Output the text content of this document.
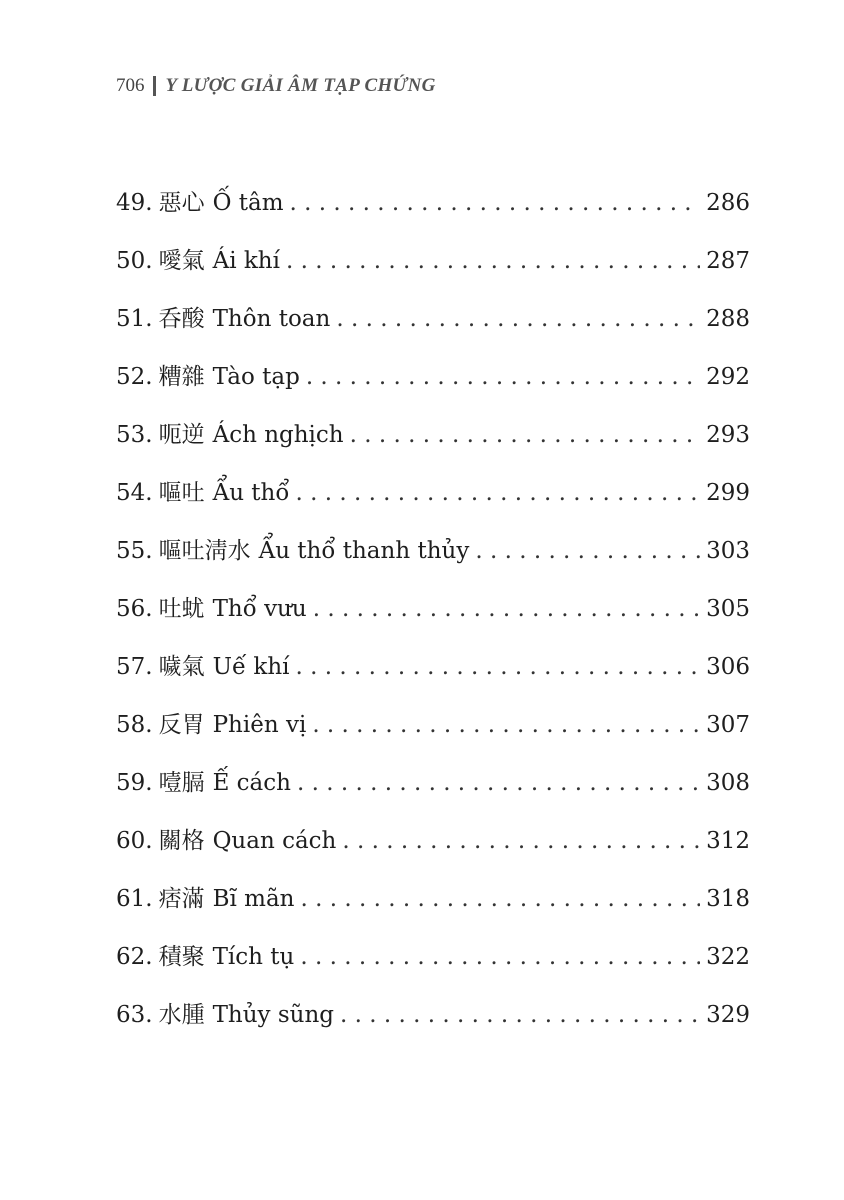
706 Y LƯỢC GIẢI ÂM TẠP CHỨNG
49. 惡心 Ố tâm . . .	286
50. 噯氣 Ái khí . . .	287
51. 呑酸 Thôn toan . . .	288
52. 糟雜 Tào tạp . . .	292
53. 呃逆 Ách nghịch . . .	293
54. 嘔吐 Ẩu thổ . . .	299
55. 嘔吐淸水 Ẩu thổ thanh thủy . . .	303
56. 吐蚘 Thổ vưu . . .	305
57. 噦氣 Uế khí . . .	306
58. 反胃 Phiên vị . . .	307
59. 噎膈 Ế cách . . .	308
60. 關格 Quan cách . . .	312
61. 痞滿 Bĩ mãn . . .	318
62. 積聚 Tích tụ . . .	322
63. 水腫 Thủy sũng . . .	329
